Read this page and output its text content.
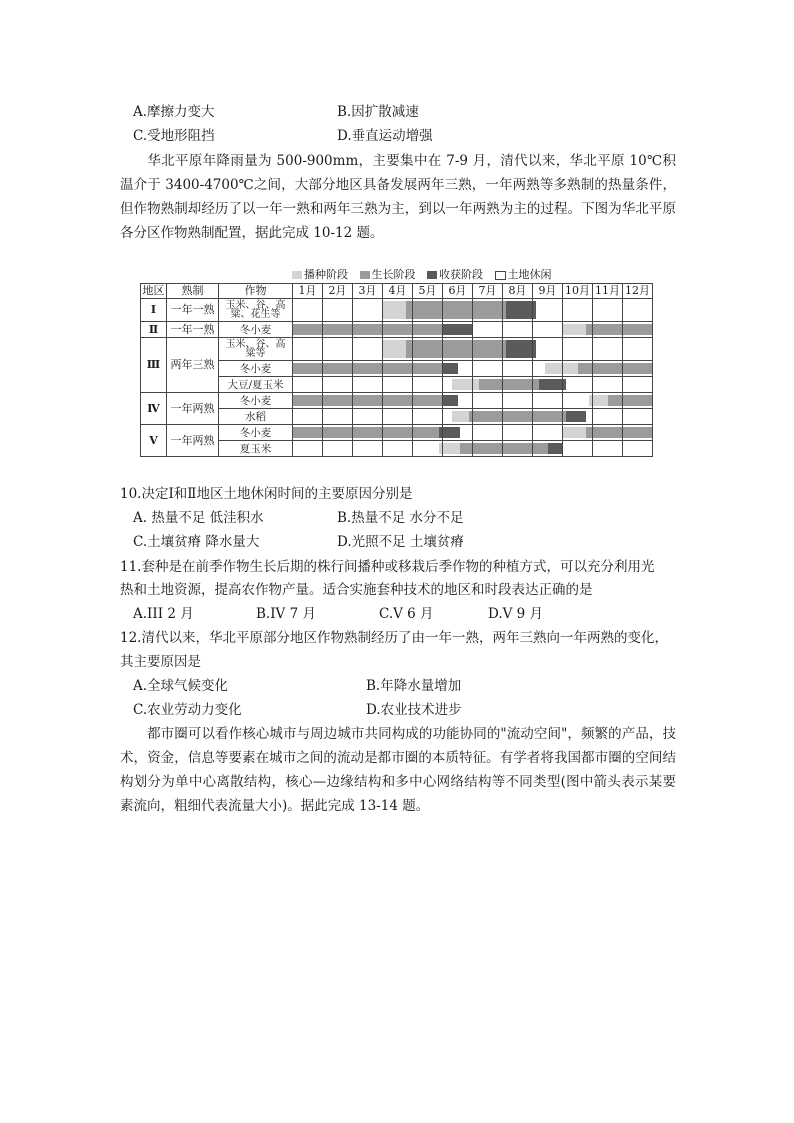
A.摩擦力变大	B.因扩散减速
C.受地形阻挡	D.垂直运动增强
华北平原年降雨量为 500-900mm，主要集中在 7-9 月，清代以来，华北平原 10℃积温介于 3400-4700℃之间，大部分地区具备发展两年三熟，一年两熟等多熟制的热量条件，但作物熟制却经历了以一年一熟和两年三熟为主，到以一年两熟为主的过程。下图为华北平原各分区作物熟制配置，据此完成 10-12 题。
播种阶段 生长阶段 收获阶段 土地休闲
地区	熟制	作物	1月	2月	3月	4月	5月	6月	7月	8月	9月	10月	11月	12月
Ⅰ	一年一熟	玉米、谷、高粱、花生等				

Ⅱ	一年一熟	冬小麦	

Ⅲ	两年三熟	玉米、谷、高粱等				

		冬小麦	

		大豆/夏玉米						

Ⅳ	一年两熟	冬小麦	

		水稻						

Ⅴ	一年两熟	冬小麦	

		夏玉米					

10.决定Ⅰ和Ⅱ地区土地休闲时间的主要原因分别是
A. 热量不足 低洼积水	B.热量不足 水分不足
C.土壤贫瘠 降水量大	D.光照不足 土壤贫瘠
11.套种是在前季作物生长后期的株行间播种或移栽后季作物的种植方式，可以充分利用光
热和土地资源，提高农作物产量。适合实施套种技术的地区和时段表达正确的是
A.III 2 月	B.IV 7 月	C.V 6 月	D.V 9 月
12.清代以来，华北平原部分地区作物熟制经历了由一年一熟，两年三熟向一年两熟的变化，
其主要原因是
A.全球气候变化	B.年降水量增加
C.农业劳动力变化	D.农业技术进步
都市圈可以看作核心城市与周边城市共同构成的功能协同的"流动空间"，频繁的产品，技术，资金，信息等要素在城市之间的流动是都市圈的本质特征。有学者将我国都市圈的空间结构划分为单中心离散结构，核心—边缘结构和多中心网络结构等不同类型(图中箭头表示某要素流向，粗细代表流量大小)。据此完成 13-14 题。
